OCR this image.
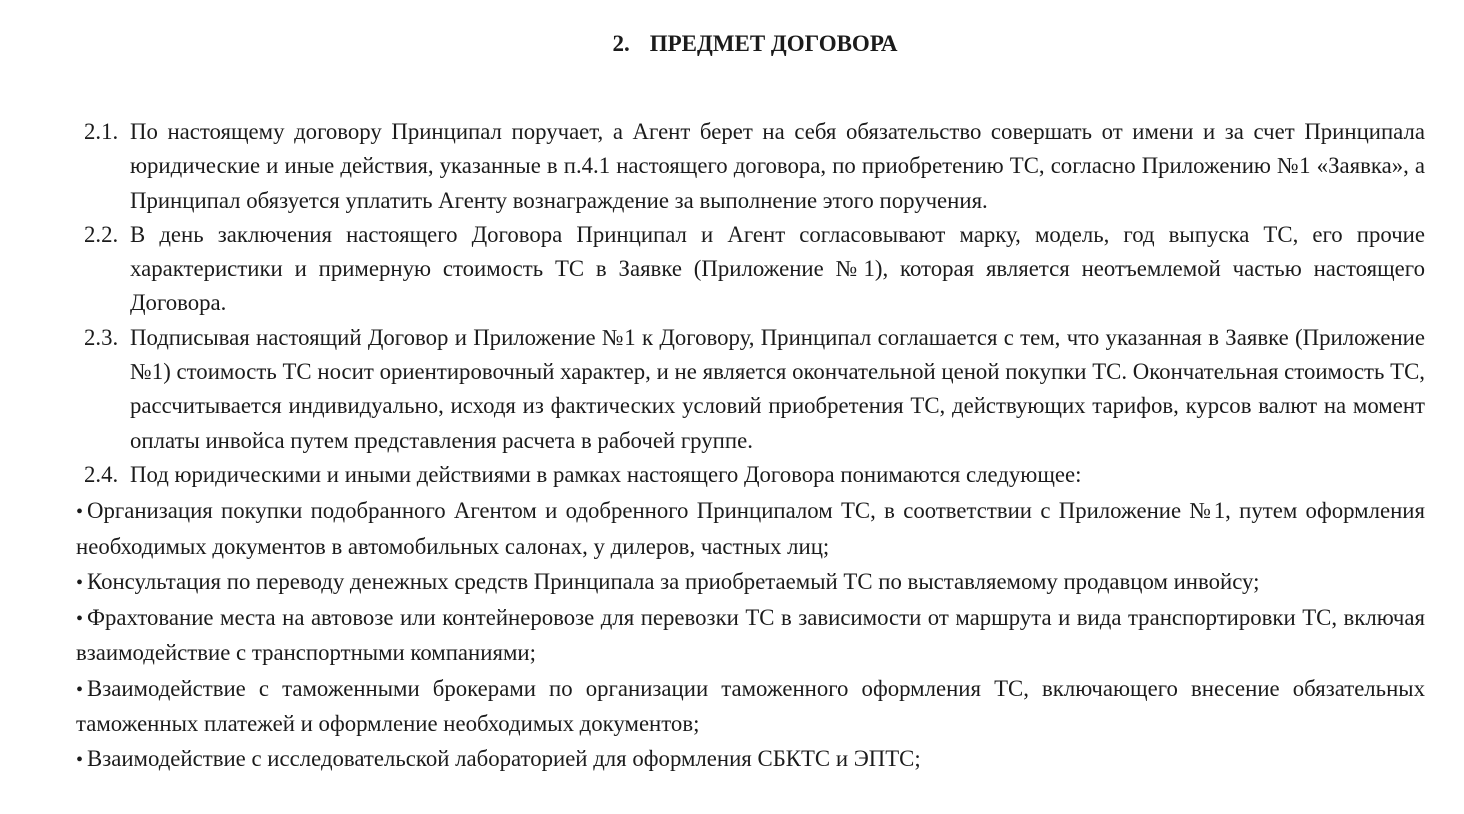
2. ПРЕДМЕТ ДОГОВОРА
2.1. По настоящему договору Принципал поручает, а Агент берет на себя обязательство совершать от имени и за счет Принципала юридические и иные действия, указанные в п.4.1 настоящего договора, по приобретению ТС, согласно Приложению №1 «Заявка», а Принципал обязуется уплатить Агенту вознаграждение за выполнение этого поручения.
2.2. В день заключения настоящего Договора Принципал и Агент согласовывают марку, модель, год выпуска ТС, его прочие характеристики и примерную стоимость ТС в Заявке (Приложение №1), которая является неотъемлемой частью настоящего Договора.
2.3. Подписывая настоящий Договор и Приложение №1 к Договору, Принципал соглашается с тем, что указанная в Заявке (Приложение №1) стоимость ТС носит ориентировочный характер, и не является окончательной ценой покупки ТС. Окончательная стоимость ТС, рассчитывается индивидуально, исходя из фактических условий приобретения ТС, действующих тарифов, курсов валют на момент оплаты инвойса путем представления расчета в рабочей группе.
2.4. Под юридическими и иными действиями в рамках настоящего Договора понимаются следующее:
• Организация покупки подобранного Агентом и одобренного Принципалом ТС, в соответствии с Приложение №1, путем оформления необходимых документов в автомобильных салонах, у дилеров, частных лиц;
• Консультация по переводу денежных средств Принципала за приобретаемый ТС по выставляемому продавцом инвойсу;
• Фрахтование места на автовозе или контейнеровозе для перевозки ТС в зависимости от маршрута и вида транспортировки ТС, включая взаимодействие с транспортными компаниями;
• Взаимодействие с таможенными брокерами по организации таможенного оформления ТС, включающего внесение обязательных таможенных платежей и оформление необходимых документов;
• Взаимодействие с исследовательской лабораторией для оформления СБКТС и ЭПТС;
